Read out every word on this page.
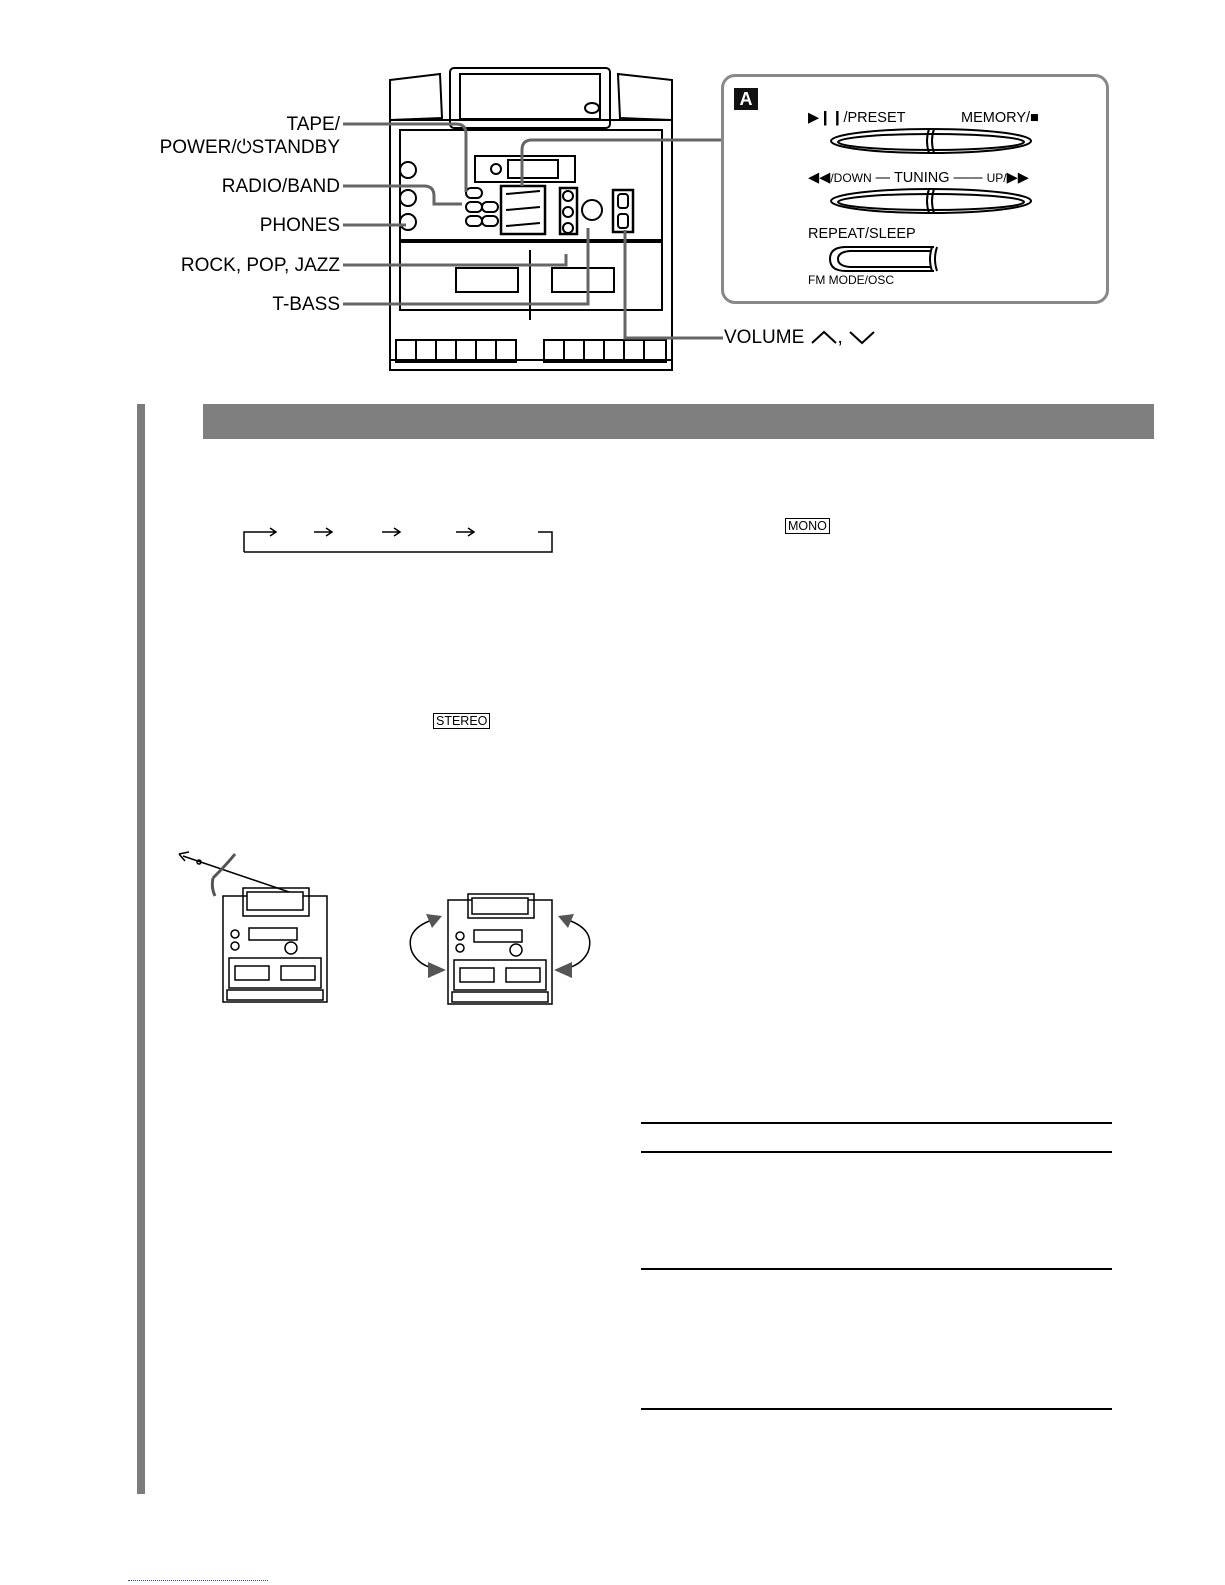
TAPE/
POWER/⏻STANDBY
RADIO/BAND
PHONES
ROCK, POP, JAZZ
T-BASS
VOLUME ,
A
▶❙❙/PRESET	MEMORY/■
◀◀/DOWN — TUNING —— UP/▶▶
REPEAT/SLEEP
FM MODE/OSC
MONO
STEREO
